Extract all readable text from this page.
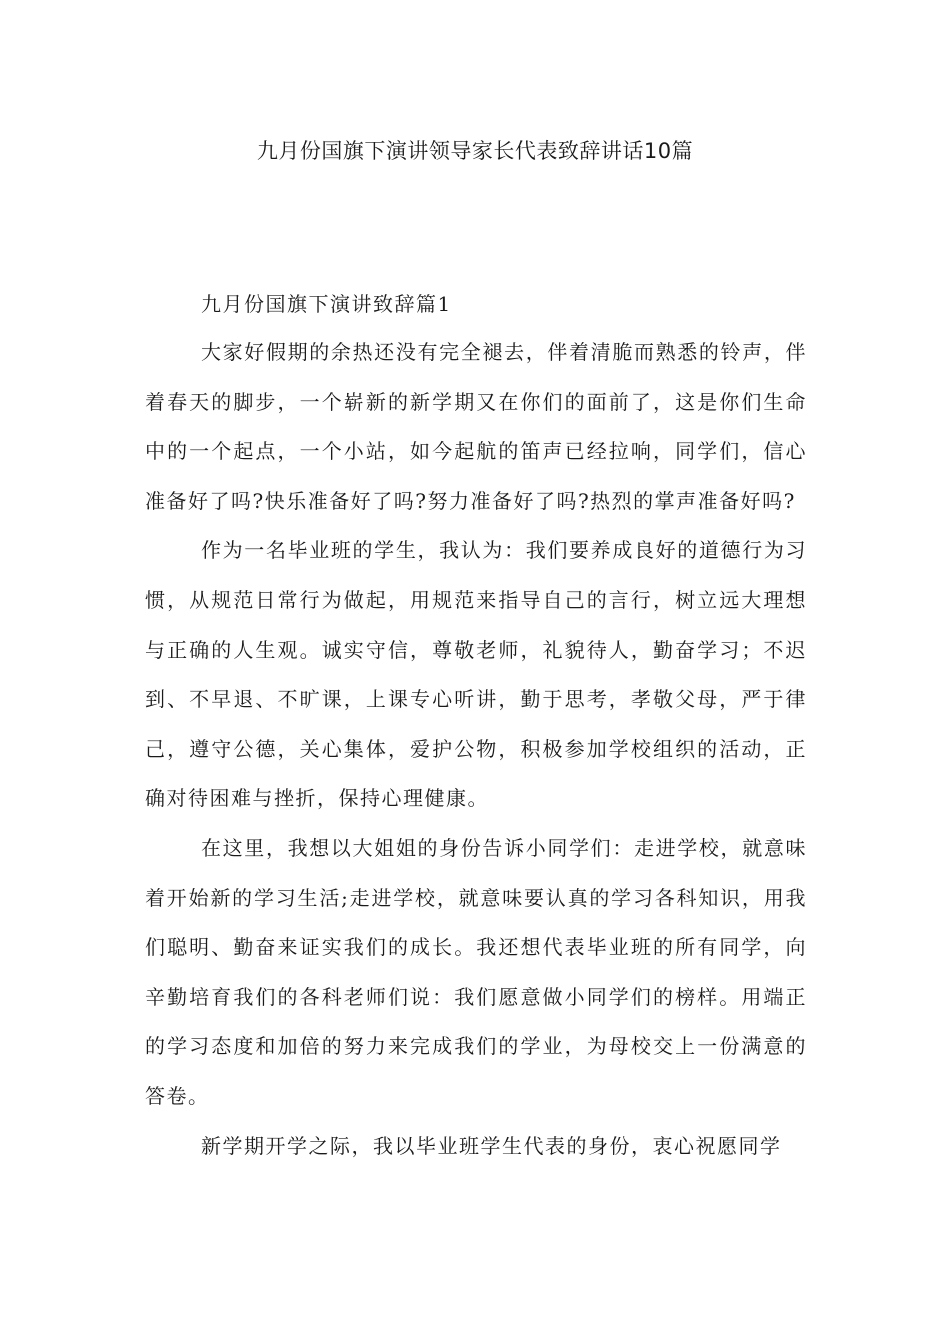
九月份国旗下演讲领导家长代表致辞讲话10篇
九月份国旗下演讲致辞篇1

大家好假期的余热还没有完全褪去，伴着清脆而熟悉的铃声，伴着春天的脚步，一个崭新的新学期又在你们的面前了，这是你们生命中的一个起点，一个小站，如今起航的笛声已经拉响，同学们，信心准备好了吗?快乐准备好了吗?努力准备好了吗?热烈的掌声准备好吗?

作为一名毕业班的学生，我认为：我们要养成良好的道德行为习惯，从规范日常行为做起，用规范来指导自己的言行，树立远大理想与正确的人生观。诚实守信，尊敬老师，礼貌待人，勤奋学习；不迟到、不早退、不旷课，上课专心听讲，勤于思考，孝敬父母，严于律己，遵守公德，关心集体，爱护公物，积极参加学校组织的活动，正确对待困难与挫折，保持心理健康。

在这里，我想以大姐姐的身份告诉小同学们：走进学校，就意味着开始新的学习生活;走进学校，就意味要认真的学习各科知识，用我们聪明、勤奋来证实我们的成长。我还想代表毕业班的所有同学，向辛勤培育我们的各科老师们说：我们愿意做小同学们的榜样。用端正的学习态度和加倍的努力来完成我们的学业，为母校交上一份满意的答卷。

新学期开学之际，我以毕业班学生代表的身份，衷心祝愿同学
